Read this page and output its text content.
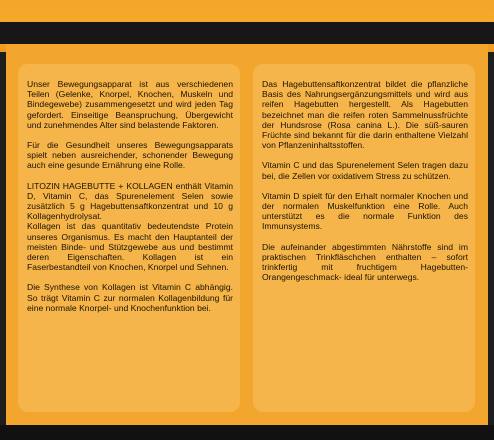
Unser Bewegungsapparat ist aus verschiedenen Teilen (Gelenke, Knorpel, Knochen, Muskeln und Bindegewebe) zusammengesetzt und wird jeden Tag gefordert. Einseitige Beanspruchung, Übergewicht und zunehmendes Alter sind belastende Faktoren.

Für die Gesundheit unseres Bewegungsapparats spielt neben ausreichender, schonender Bewegung auch eine gesunde Ernährung eine Rolle.

LITOZIN HAGEBUTTE + KOLLAGEN enthält Vitamin D, Vitamin C, das Spurenelement Selen sowie zusätzlich 5 g Hagebuttensaftkonzentrat und 10 g Kollagenhydrolysat.

Kollagen ist das quantitativ bedeutendste Protein unseres Organismus. Es macht den Hauptanteil der meisten Binde- und Stützgewebe aus und bestimmt deren Eigenschaften. Kollagen ist ein Faserbestandteil von Knochen, Knorpel und Sehnen.

Die Synthese von Kollagen ist Vitamin C abhängig. So trägt Vitamin C zur normalen Kollagenbildung für eine normale Knorpel- und Knochenfunktion bei.

Das Hagebuttensaftkonzentrat bildet die pflanzliche Basis des Nahrungsergänzungsmittels und wird aus reifen Hagebutten hergestellt. Als Hagebutten bezeichnet man die reifen roten Sammelnussfrüchte der Hundsrose (Rosa canina L.). Die süß-sauren Früchte sind bekannt für die darin enthaltene Vielzahl von Pflanzeninhaltsstoffen.

Vitamin C und das Spurenelement Selen tragen dazu bei, die Zellen vor oxidativem Stress zu schützen.

Vitamin D spielt für den Erhalt normaler Knochen und der normalen Muskelfunktion eine Rolle. Auch unterstützt es die normale Funktion des Immunsystems.

Die aufeinander abgestimmten Nährstoffe sind im praktischen Trinkfläschchen enthalten – sofort trinkfertig mit fruchtigem Hagebutten-Orangengeschmack- ideal für unterwegs.
